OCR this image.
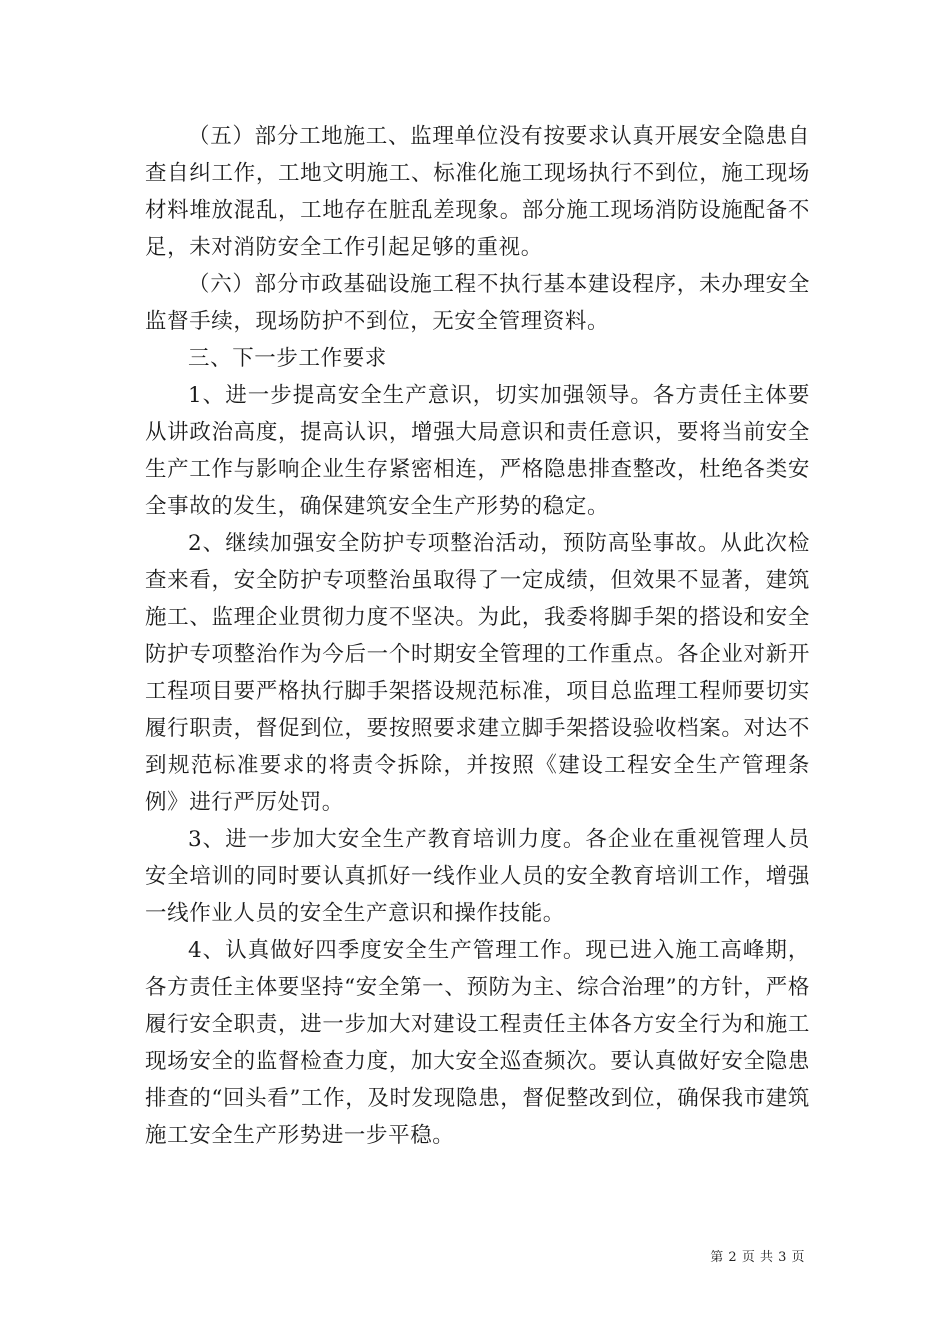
（五）部分工地施工、监理单位没有按要求认真开展安全隐患自查自纠工作，工地文明施工、标准化施工现场执行不到位，施工现场材料堆放混乱，工地存在脏乱差现象。部分施工现场消防设施配备不足，未对消防安全工作引起足够的重视。

（六）部分市政基础设施工程不执行基本建设程序，未办理安全监督手续，现场防护不到位，无安全管理资料。

三、下一步工作要求

1、进一步提高安全生产意识，切实加强领导。各方责任主体要从讲政治高度，提高认识，增强大局意识和责任意识，要将当前安全生产工作与影响企业生存紧密相连，严格隐患排查整改，杜绝各类安全事故的发生，确保建筑安全生产形势的稳定。

2、继续加强安全防护专项整治活动，预防高坠事故。从此次检查来看，安全防护专项整治虽取得了一定成绩，但效果不显著，建筑施工、监理企业贯彻力度不坚决。为此，我委将脚手架的搭设和安全防护专项整治作为今后一个时期安全管理的工作重点。各企业对新开工程项目要严格执行脚手架搭设规范标准，项目总监理工程师要切实履行职责，督促到位，要按照要求建立脚手架搭设验收档案。对达不到规范标准要求的将责令拆除，并按照《建设工程安全生产管理条例》进行严厉处罚。

3、进一步加大安全生产教育培训力度。各企业在重视管理人员安全培训的同时要认真抓好一线作业人员的安全教育培训工作，增强一线作业人员的安全生产意识和操作技能。

4、认真做好四季度安全生产管理工作。现已进入施工高峰期，各方责任主体要坚持“安全第一、预防为主、综合治理”的方针，严格履行安全职责，进一步加大对建设工程责任主体各方安全行为和施工现场安全的监督检查力度，加大安全巡查频次。要认真做好安全隐患排查的“回头看”工作，及时发现隐患，督促整改到位，确保我市建筑施工安全生产形势进一步平稳。

第 2 页 共 3 页
